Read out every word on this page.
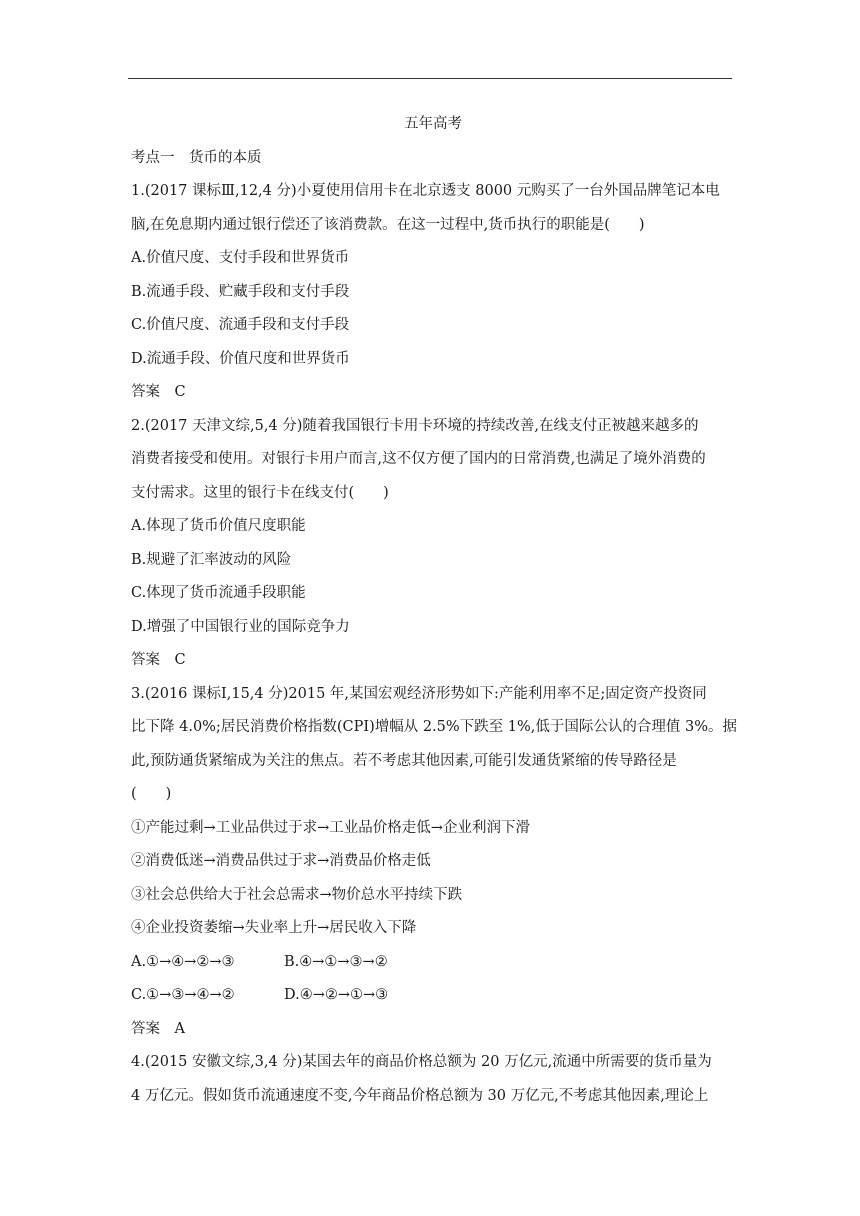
五年高考

考点一　货币的本质

1.(2017 课标Ⅲ,12,4 分)小夏使用信用卡在北京透支 8000 元购买了一台外国品牌笔记本电

脑,在免息期内通过银行偿还了该消费款。在这一过程中,货币执行的职能是(　　)

A.价值尺度、支付手段和世界货币

B.流通手段、贮藏手段和支付手段

C.价值尺度、流通手段和支付手段

D.流通手段、价值尺度和世界货币

答案　C

2.(2017 天津文综,5,4 分)随着我国银行卡用卡环境的持续改善,在线支付正被越来越多的

消费者接受和使用。对银行卡用户而言,这不仅方便了国内的日常消费,也满足了境外消费的

支付需求。这里的银行卡在线支付(　　)

A.体现了货币价值尺度职能

B.规避了汇率波动的风险

C.体现了货币流通手段职能

D.增强了中国银行业的国际竞争力

答案　C

3.(2016 课标Ⅰ,15,4 分)2015 年,某国宏观经济形势如下:产能利用率不足;固定资产投资同

比下降 4.0%;居民消费价格指数(CPI)增幅从 2.5%下跌至 1%,低于国际公认的合理值 3%。据

此,预防通货紧缩成为关注的焦点。若不考虑其他因素,可能引发通货紧缩的传导路径是

(　　)

①产能过剩→工业品供过于求→工业品价格走低→企业利润下滑

②消费低迷→消费品供过于求→消费品价格走低

③社会总供给大于社会总需求→物价总水平持续下跌

④企业投资萎缩→失业率上升→居民收入下降

A.①→④→②→③	B.④→①→③→②

C.①→③→④→②	D.④→②→①→③

答案　A

4.(2015 安徽文综,3,4 分)某国去年的商品价格总额为 20 万亿元,流通中所需要的货币量为

4 万亿元。假如货币流通速度不变,今年商品价格总额为 30 万亿元,不考虑其他因素,理论上
